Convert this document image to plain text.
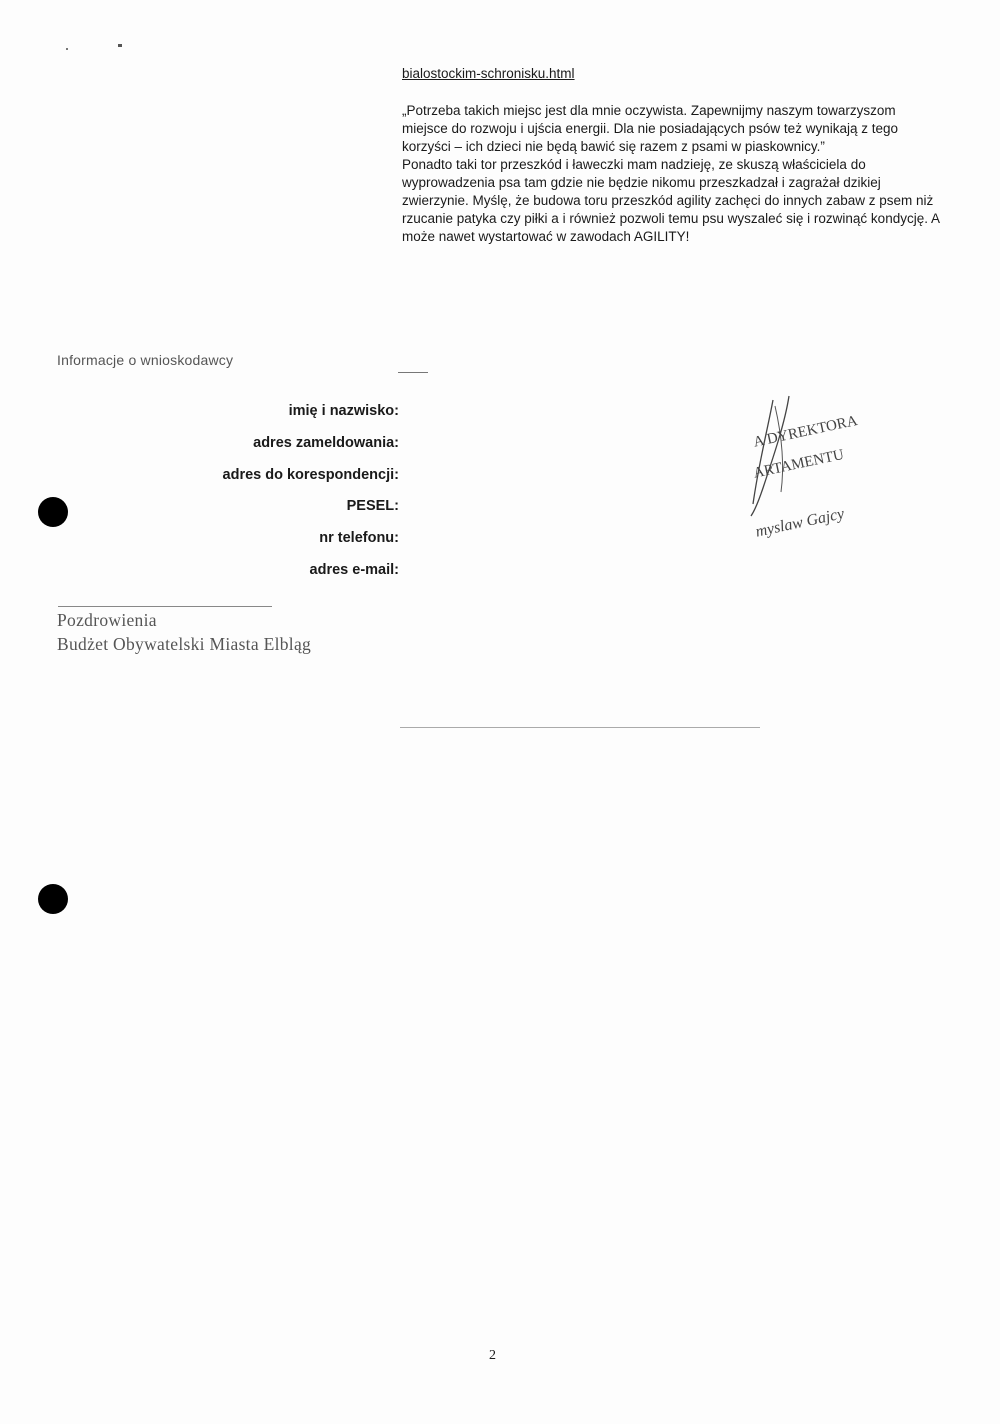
bialostockim-schronisku.html

„Potrzeba takich miejsc jest dla mnie oczywista. Zapewnijmy naszym towarzyszom miejsce do rozwoju i ujścia energii. Dla nie posiadających psów też wynikają z tego korzyści – ich dzieci nie będą bawić się razem z psami w piaskownicy.”

Ponadto taki tor przeszkód i ławeczki mam nadzieję, ze skuszą właściciela do wyprowadzenia psa tam gdzie nie będzie nikomu przeszkadzał i zagrażał dzikiej zwierzynie. Myślę, że budowa toru przeszkód agility zachęci do innych zabaw z psem niż rzucanie patyka czy piłki a i również pozwoli temu psu wyszaleć się i rozwinąć kondycję. A może nawet wystartować w zawodach AGILITY!

Informacje o wnioskodawcy
imię i nazwisko:
adres zameldowania:
adres do korespondencji:
PESEL:
nr telefonu:
adres e-mail:
A DYREKTORA
ARTAMENTU
myslaw Gajcy
Pozdrowienia
Budżet Obywatelski Miasta Elbląg
2
